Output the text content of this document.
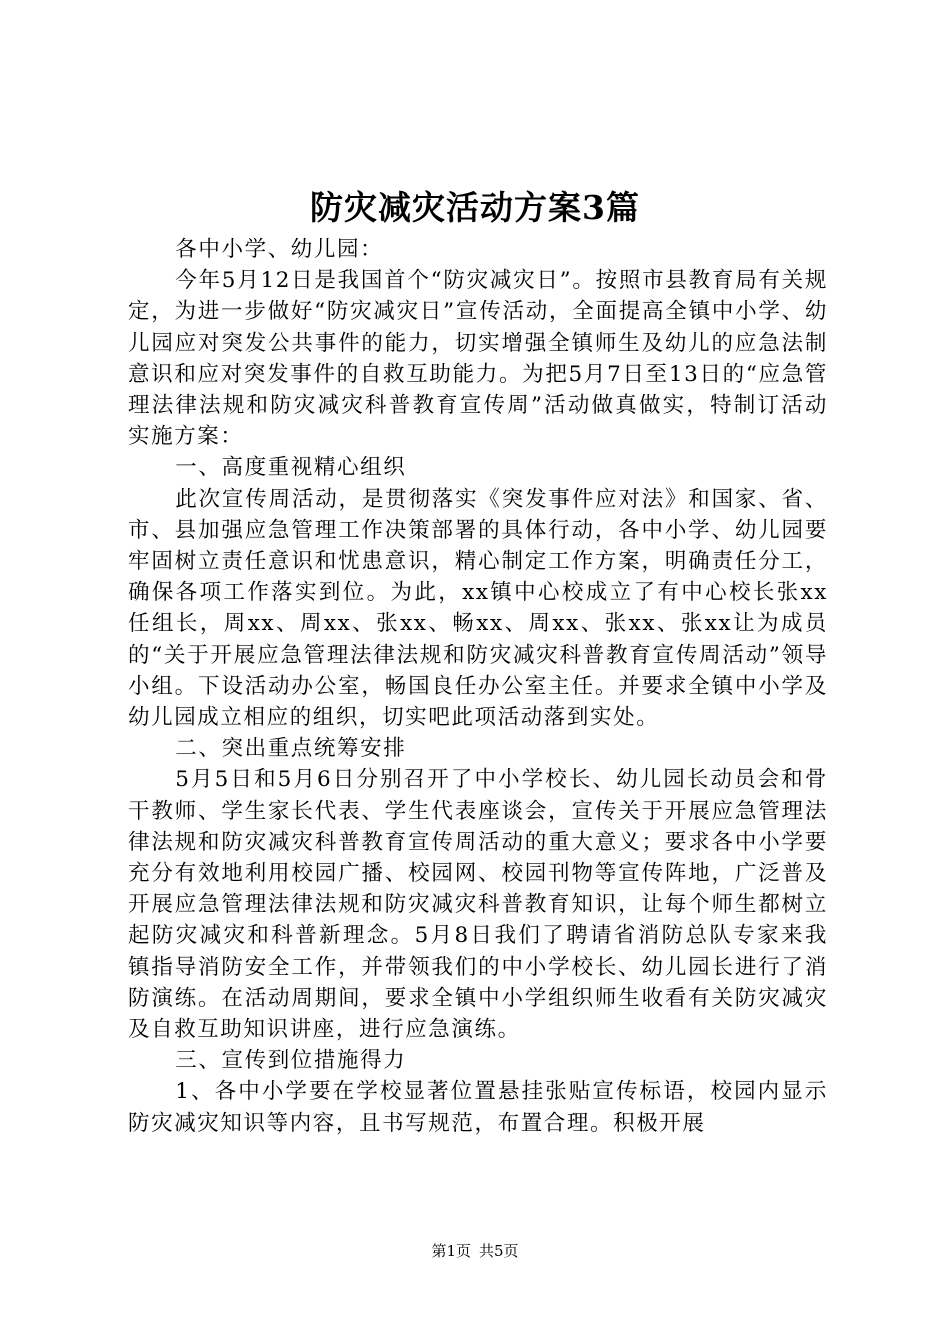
防灾减灾活动方案3篇

各中小学、幼儿园：

今年5月12日是我国首个“防灾减灾日”。按照市县教育局有关规定，为进一步做好“防灾减灾日”宣传活动，全面提高全镇中小学、幼儿园应对突发公共事件的能力，切实增强全镇师生及幼儿的应急法制意识和应对突发事件的自救互助能力。为把5月7日至13日的“应急管理法律法规和防灾减灾科普教育宣传周”活动做真做实，特制订活动实施方案：

一、高度重视精心组织

此次宣传周活动，是贯彻落实《突发事件应对法》和国家、省、市、县加强应急管理工作决策部署的具体行动，各中小学、幼儿园要牢固树立责任意识和忧患意识，精心制定工作方案，明确责任分工，确保各项工作落实到位。为此，xx镇中心校成立了有中心校长张xx任组长，周xx、周xx、张xx、畅xx、周xx、张xx、张xx让为成员的“关于开展应急管理法律法规和防灾减灾科普教育宣传周活动”领导小组。下设活动办公室，畅国良任办公室主任。并要求全镇中小学及幼儿园成立相应的组织，切实吧此项活动落到实处。

二、突出重点统筹安排

5月5日和5月6日分别召开了中小学校长、幼儿园长动员会和骨干教师、学生家长代表、学生代表座谈会，宣传关于开展应急管理法律法规和防灾减灾科普教育宣传周活动的重大意义；要求各中小学要充分有效地利用校园广播、校园网、校园刊物等宣传阵地，广泛普及开展应急管理法律法规和防灾减灾科普教育知识，让每个师生都树立起防灾减灾和科普新理念。5月8日我们了聘请省消防总队专家来我镇指导消防安全工作，并带领我们的中小学校长、幼儿园长进行了消防演练。在活动周期间，要求全镇中小学组织师生收看有关防灾减灾及自救互助知识讲座，进行应急演练。

三、宣传到位措施得力

1、各中小学要在学校显著位置悬挂张贴宣传标语，校园内显示防灾减灾知识等内容，且书写规范，布置合理。积极开展

第1页 共5页
